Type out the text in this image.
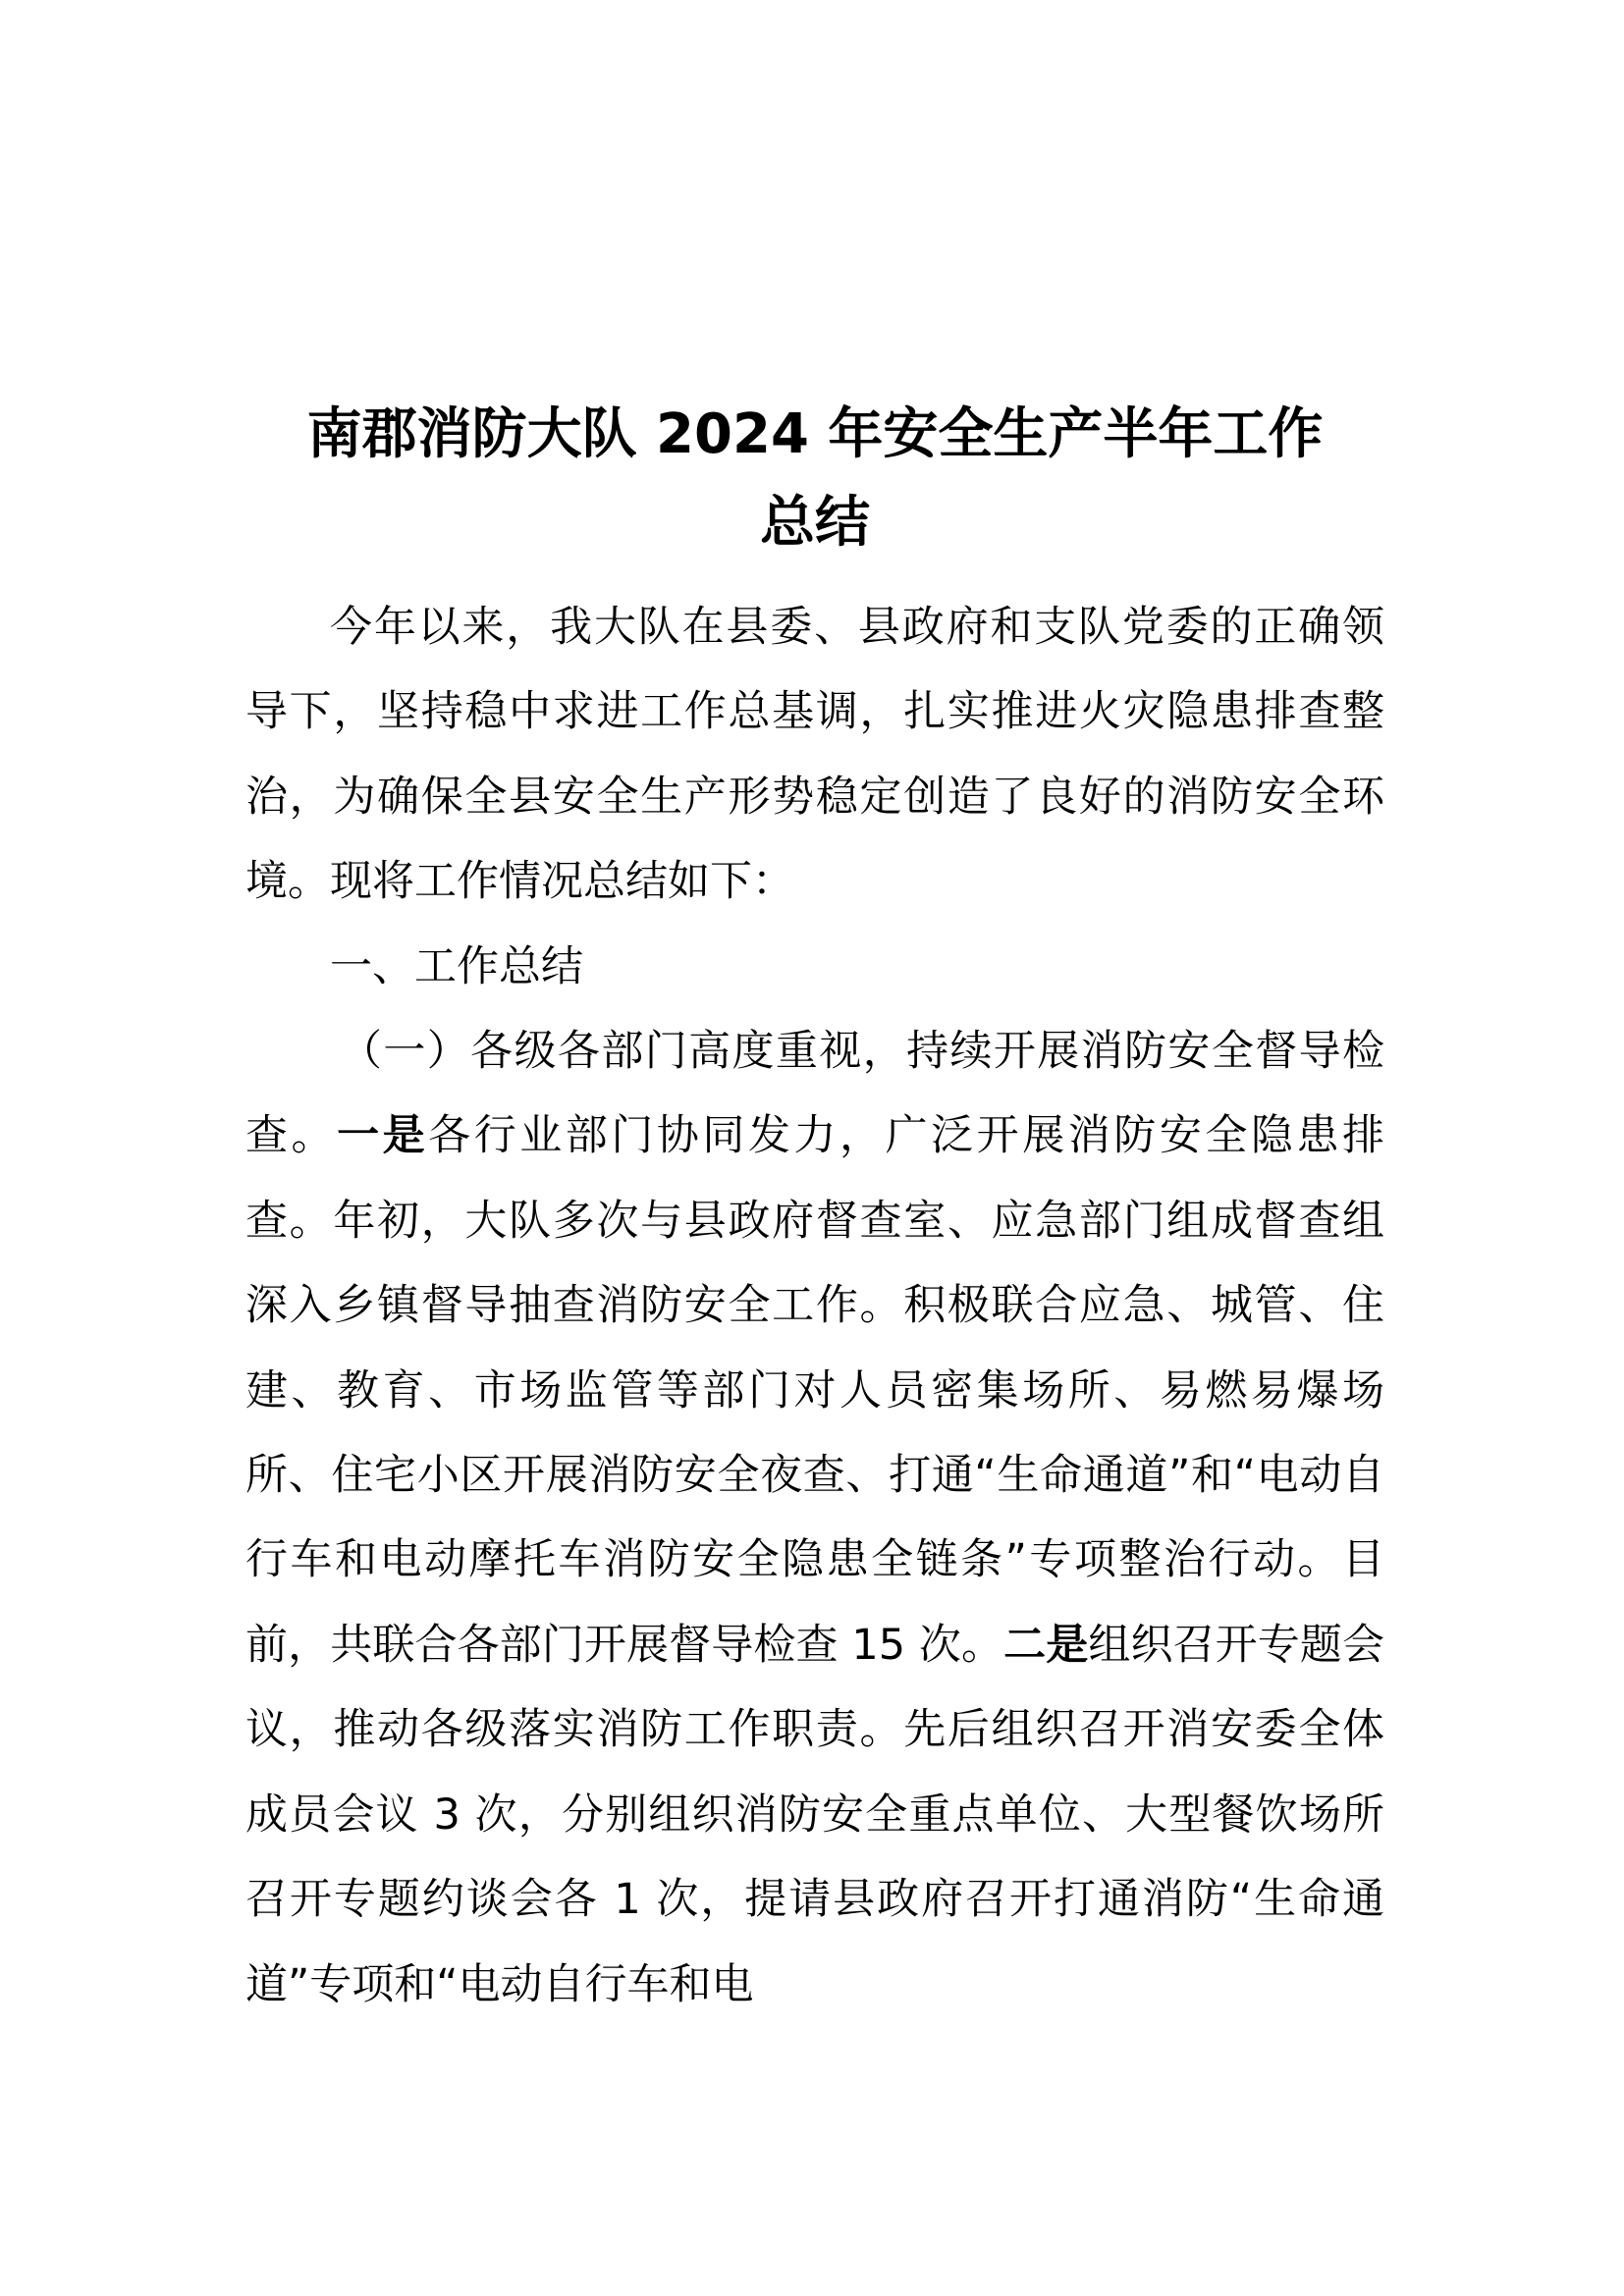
南郡消防大队 2024 年安全生产半年工作
总结

今年以来，我大队在县委、县政府和支队党委的正确领导下，坚持稳中求进工作总基调，扎实推进火灾隐患排查整治，为确保全县安全生产形势稳定创造了良好的消防安全环境。现将工作情况总结如下：

一、工作总结

（一）各级各部门高度重视，持续开展消防安全督导检查。一是各行业部门协同发力，广泛开展消防安全隐患排查。年初，大队多次与县政府督查室、应急部门组成督查组深入乡镇督导抽查消防安全工作。积极联合应急、城管、住建、教育、市场监管等部门对人员密集场所、易燃易爆场所、住宅小区开展消防安全夜查、打通“生命通道”和“电动自行车和电动摩托车消防安全隐患全链条”专项整治行动。目前，共联合各部门开展督导检查 15 次。二是组织召开专题会议，推动各级落实消防工作职责。先后组织召开消安委全体成员会议 3 次，分别组织消防安全重点单位、大型餐饮场所召开专题约谈会各 1 次，提请县政府召开打通消防“生命通道”专项和“电动自行车和电
